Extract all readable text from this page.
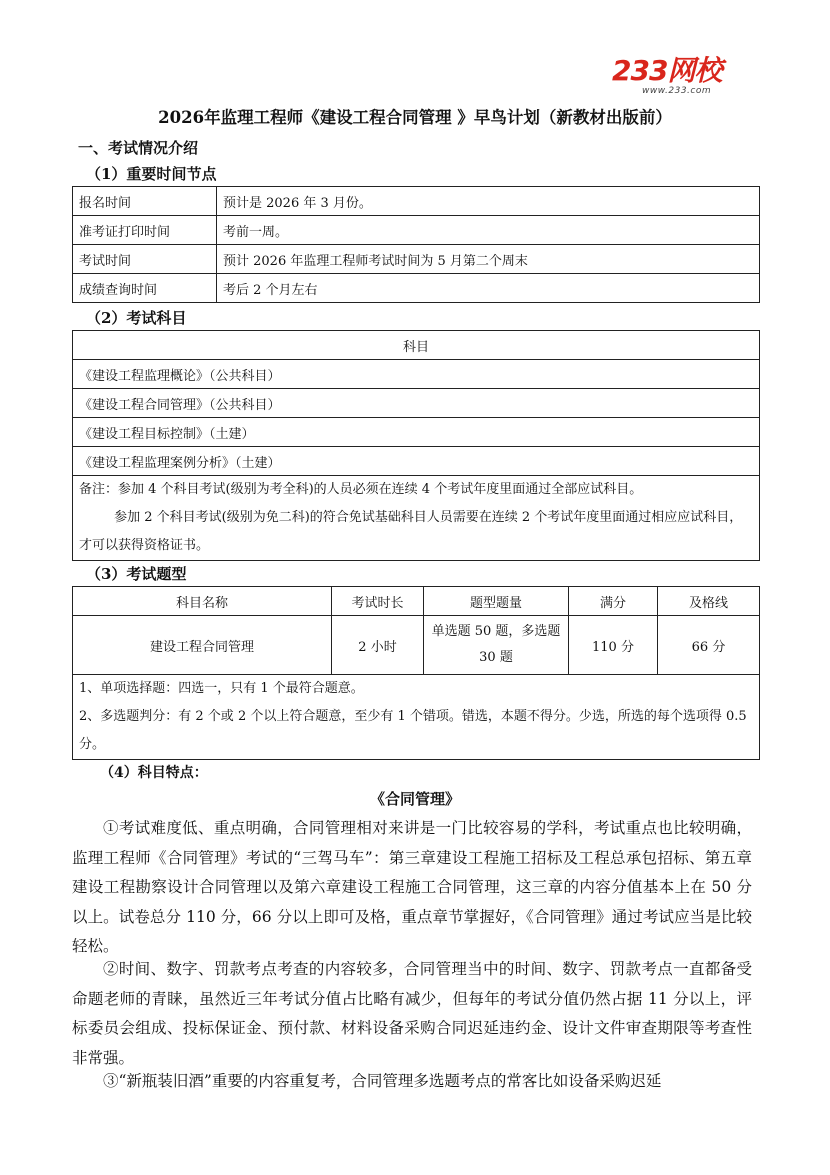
233网校
www.233.com
2026年监理工程师《建设工程合同管理 》早鸟计划（新教材出版前）
一、考试情况介绍
（1）重要时间节点
报名时间	预计是 2026 年 3 月份。
准考证打印时间	考前一周。
考试时间	预计 2026 年监理工程师考试时间为 5 月第二个周末
成绩查询时间	考后 2 个月左右
（2）考试科目
科目
《建设工程监理概论》（公共科目）
《建设工程合同管理》（公共科目）
《建设工程目标控制》（土建）
《建设工程监理案例分析》（土建）

备注：参加 4 个科目考试(级别为考全科)的人员必须在连续 4 个考试年度里面通过全部应试科目。

参加 2 个科目考试(级别为免二科)的符合免试基础科目人员需要在连续 2 个考试年度里面通过相应应试科目，才可以获得资格证书。

（3）考试题型
科目名称	考试时长	题型题量	满分	及格线
建设工程合同管理	2 小时	单选题 50 题，多选题 30 题	110 分	66 分

1、单项选择题：四选一，只有 1 个最符合题意。

2、多选题判分：有 2 个或 2 个以上符合题意，至少有 1 个错项。错选，本题不得分。少选，所选的每个选项得 0.5 分。				

（4）科目特点：
《合同管理》

①考试难度低、重点明确，合同管理相对来讲是一门比较容易的学科，考试重点也比较明确，监理工程师《合同管理》考试的“三驾马车”：第三章建设工程施工招标及工程总承包招标、第五章建设工程勘察设计合同管理以及第六章建设工程施工合同管理，这三章的内容分值基本上在 50 分以上。试卷总分 110 分，66 分以上即可及格，重点章节掌握好，《合同管理》通过考试应当是比较轻松。

②时间、数字、罚款考点考查的内容较多，合同管理当中的时间、数字、罚款考点一直都备受命题老师的青睐，虽然近三年考试分值占比略有减少，但每年的考试分值仍然占据 11 分以上，评标委员会组成、投标保证金、预付款、材料设备采购合同迟延违约金、设计文件审查期限等考查性非常强。

③“新瓶装旧酒”重要的内容重复考，合同管理多选题考点的常客比如设备采购迟延
